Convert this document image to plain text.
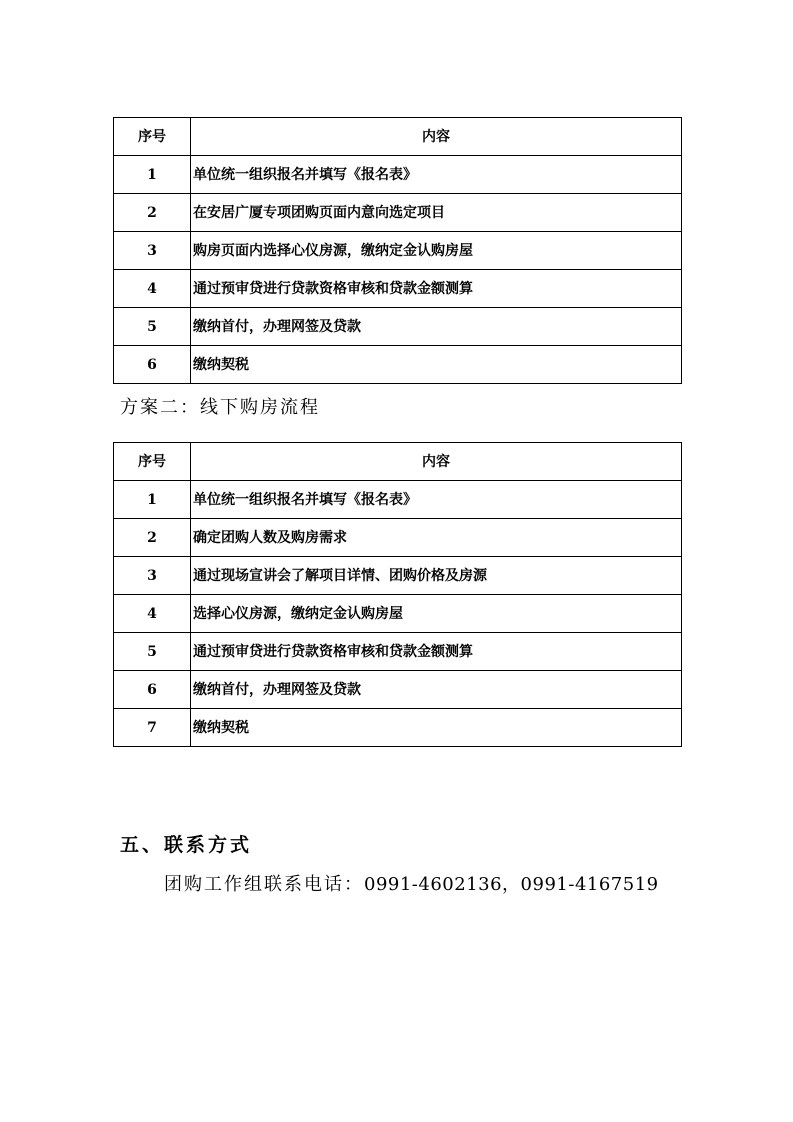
序号	内容
1	单位统一组织报名并填写《报名表》
2	在安居广厦专项团购页面内意向选定项目
3	购房页面内选择心仪房源，缴纳定金认购房屋
4	通过预审贷进行贷款资格审核和贷款金额测算
5	缴纳首付，办理网签及贷款
6	缴纳契税
方案二：线下购房流程
序号	内容
1	单位统一组织报名并填写《报名表》
2	确定团购人数及购房需求
3	通过现场宣讲会了解项目详情、团购价格及房源
4	选择心仪房源，缴纳定金认购房屋
5	通过预审贷进行贷款资格审核和贷款金额测算
6	缴纳首付，办理网签及贷款
7	缴纳契税
五、联系方式
团购工作组联系电话：0991-4602136，0991-4167519
